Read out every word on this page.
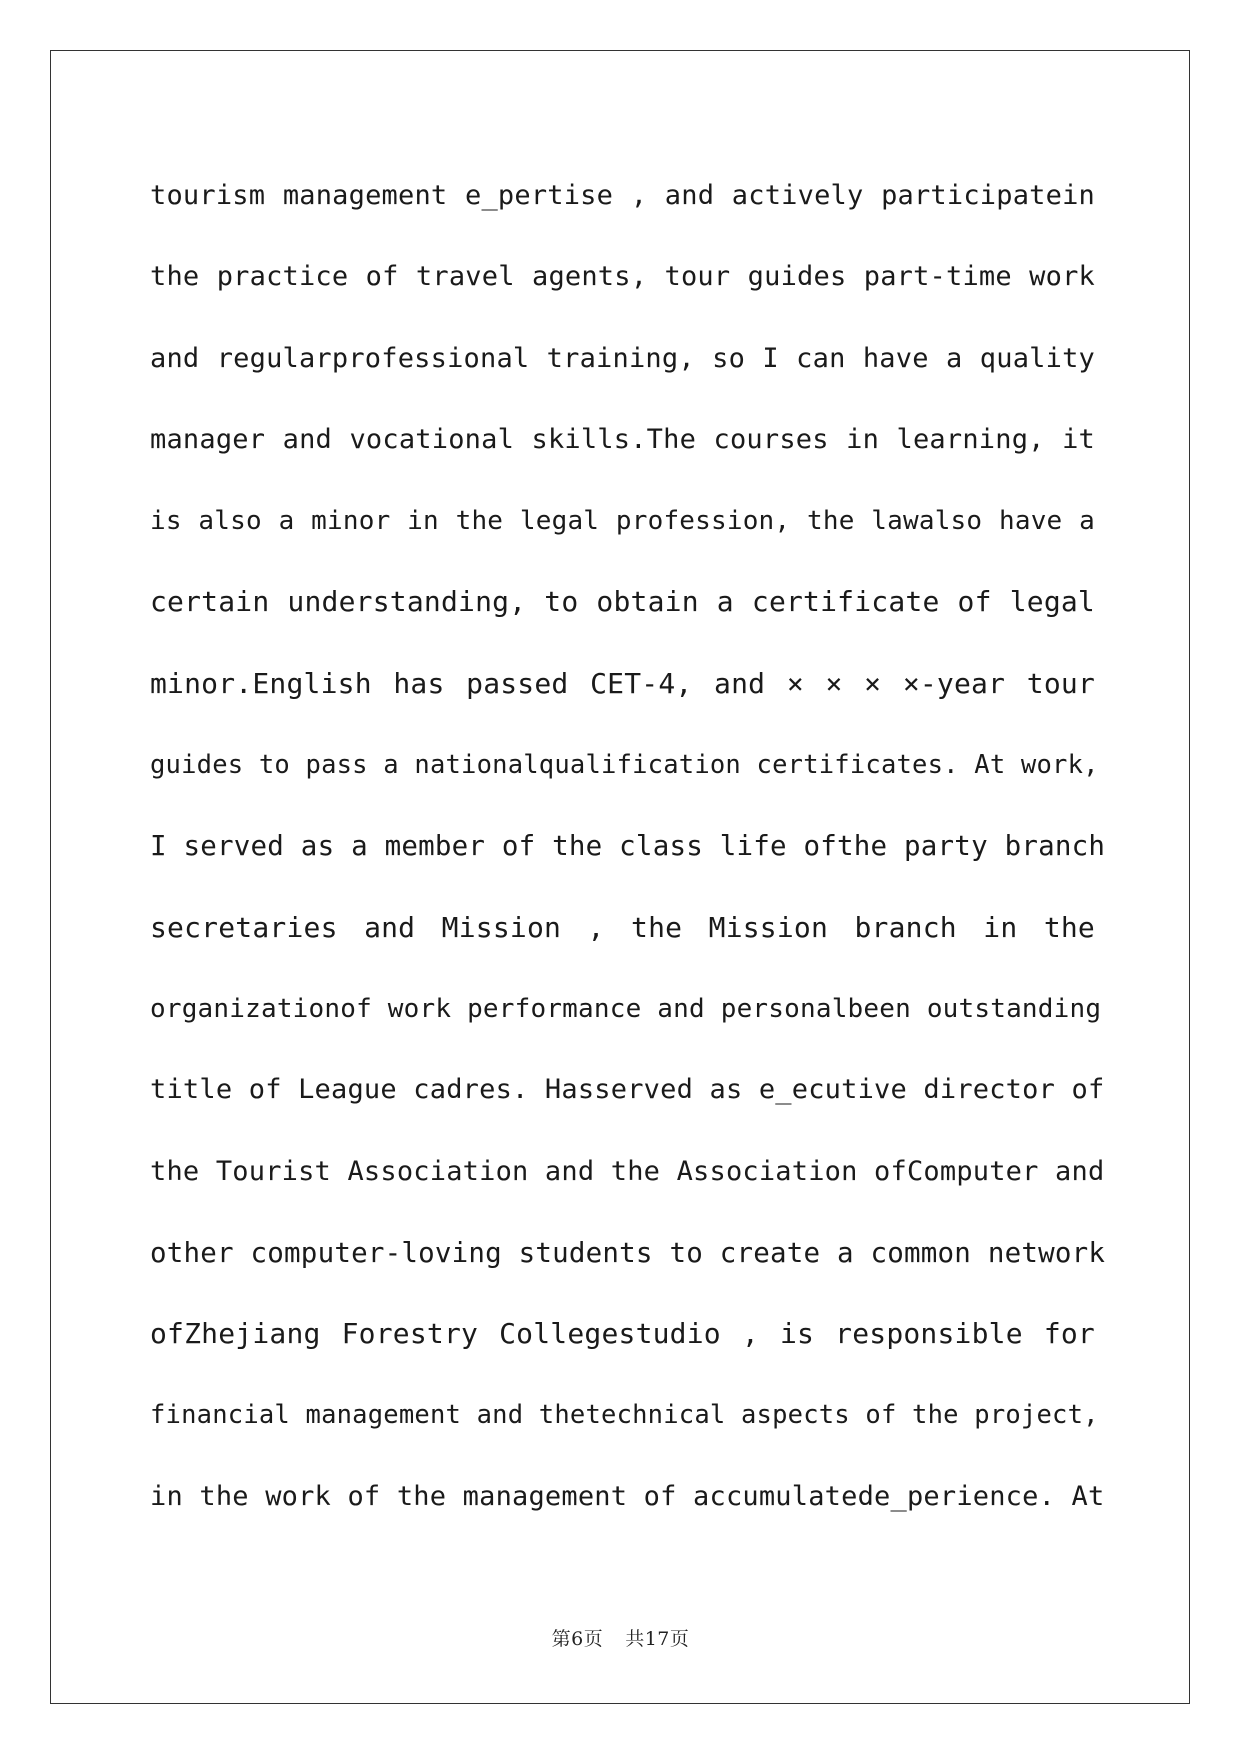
tourism management e_pertise , and actively participatein
the practice of travel agents, tour guides part-time work
and regularprofessional training, so I can have a quality
manager and vocational skills.The courses in learning, it
is also a minor in the legal profession, the lawalso have a
certain understanding, to obtain a certificate of legal
minor.English has passed CET-4, and × × × ×-year tour
guides to pass a nationalqualification certificates. At work,
I served as a member of the class life ofthe party branch
secretaries and Mission , the Mission branch in the
organizationof work performance and personalbeen outstanding
title of League cadres. Hasserved as e_ecutive director of
the Tourist Association and the Association ofComputer and
other computer-loving students to create a common network
ofZhejiang Forestry Collegestudio , is responsible for
financial management and thetechnical aspects of the project,
in the work of the management of accumulatede_perience. At
第6页 共17页
